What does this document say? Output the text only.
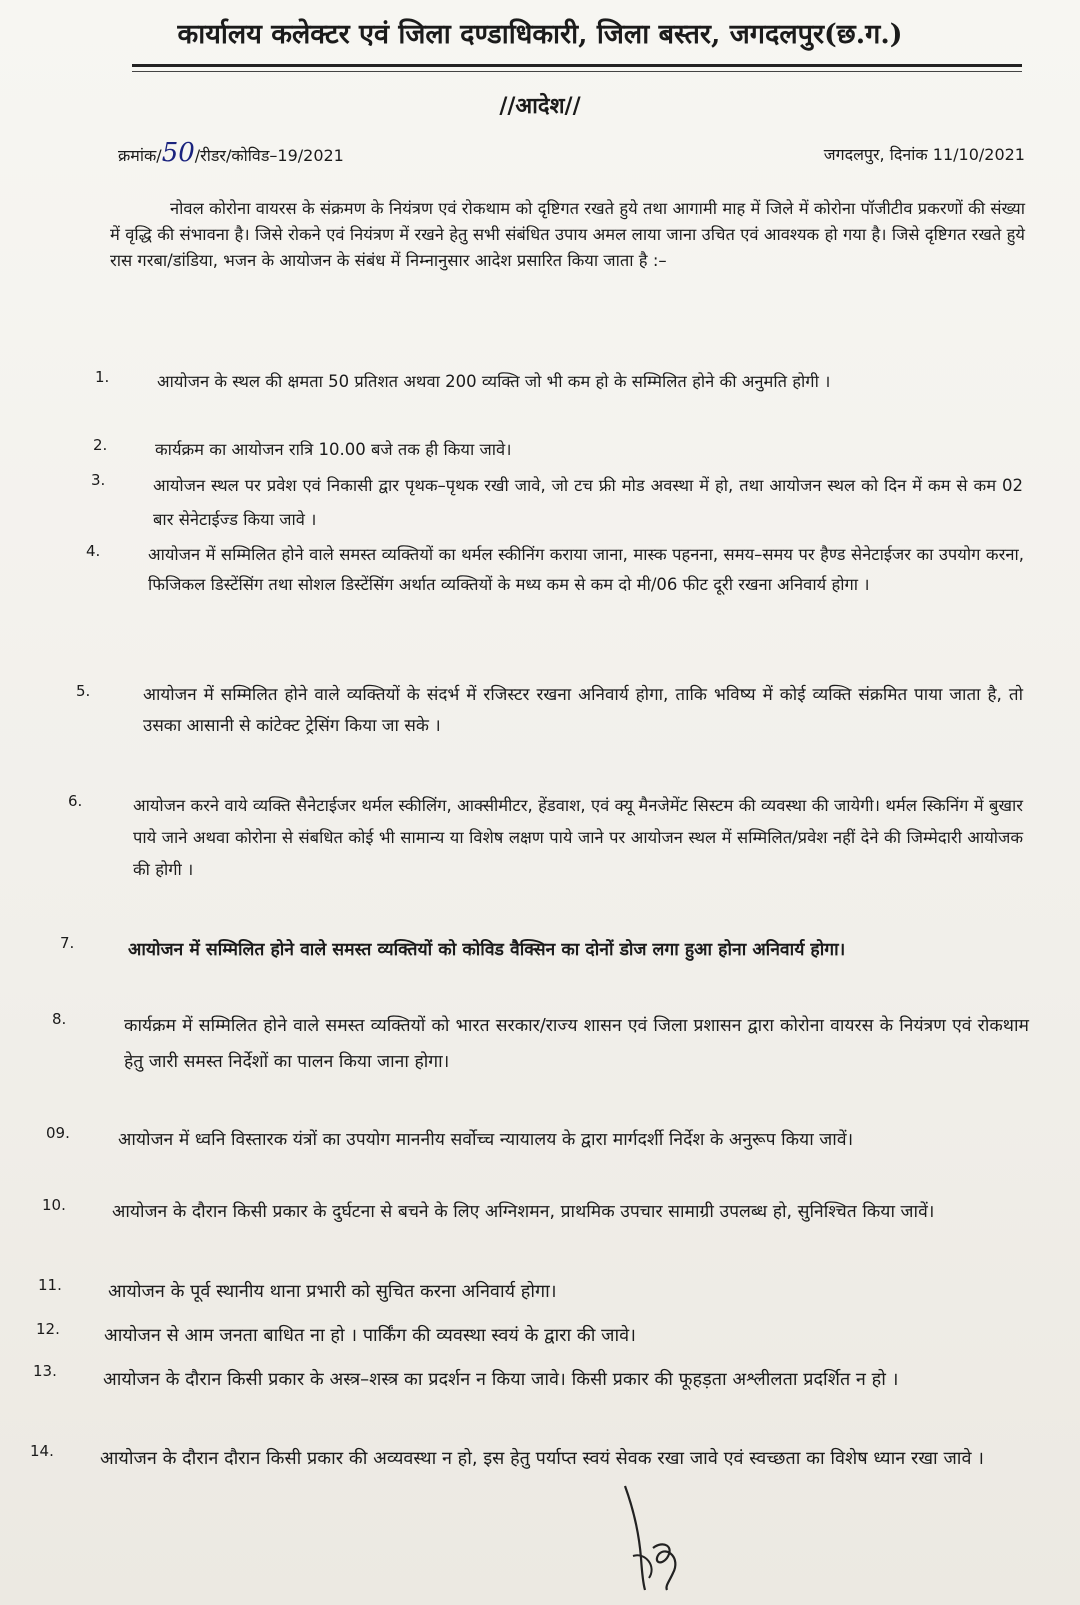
कार्यालय कलेक्टर एवं जिला दण्डाधिकारी, जिला बस्तर, जगदलपुर(छ.ग.)
//आदेश//
क्रमांक/50/रीडर/कोविड–19/2021	जगदलपुर, दिनांक 11/10/2021
नोवल कोरोना वायरस के संक्रमण के नियंत्रण एवं रोकथाम को दृष्टिगत रखते हुये तथा आगामी माह में जिले में कोरोना पॉजीटीव प्रकरणों की संख्या में वृद्धि की संभावना है। जिसे रोकने एवं नियंत्रण में रखने हेतु सभी संबंधित उपाय अमल लाया जाना उचित एवं आवश्यक हो गया है। जिसे दृष्टिगत रखते हुये रास गरबा/डांडिया, भजन के आयोजन के संबंध में निम्नानुसार आदेश प्रसारित किया जाता है :–
1.	आयोजन के स्थल की क्षमता 50 प्रतिशत अथवा 200 व्यक्ति जो भी कम हो के सम्मिलित होने की अनुमति होगी ।
2.	कार्यक्रम का आयोजन रात्रि 10.00 बजे तक ही किया जावे।
3.	आयोजन स्थल पर प्रवेश एवं निकासी द्वार पृथक–पृथक रखी जावे, जो टच फ्री मोड अवस्था में हो, तथा आयोजन स्थल को दिन में कम से कम 02 बार सेनेटाईज्ड किया जावे ।
4.	आयोजन में सम्मिलित होने वाले समस्त व्यक्तियों का थर्मल स्कीनिंग कराया जाना, मास्क पहनना, समय–समय पर हैण्ड सेनेटाईजर का उपयोग करना, फिजिकल डिस्टेंसिंग तथा सोशल डिस्टेंसिंग अर्थात व्यक्तियों के मध्य कम से कम दो मी/06 फीट दूरी रखना अनिवार्य होगा ।
5.	आयोजन में सम्मिलित होने वाले व्यक्तियों के संदर्भ में रजिस्टर रखना अनिवार्य होगा, ताकि भविष्य में कोई व्यक्ति संक्रमित पाया जाता है, तो उसका आसानी से कांटेक्ट ट्रेसिंग किया जा सके ।
6.	आयोजन करने वाये व्यक्ति सैनेटाईजर थर्मल स्कीलिंग, आक्सीमीटर, हेंडवाश, एवं क्यू मैनजेमेंट सिस्टम की व्यवस्था की जायेगी। थर्मल स्किनिंग में बुखार पाये जाने अथवा कोरोना से संबधित कोई भी सामान्य या विशेष लक्षण पाये जाने पर आयोजन स्थल में सम्मिलित/प्रवेश नहीं देने की जिम्मेदारी आयोजक की होगी ।
7.	आयोजन में सम्मिलित होने वाले समस्त व्यक्तियों को कोविड वैक्सिन का दोनों डोज लगा हुआ होना अनिवार्य होगा।
8.	कार्यक्रम में सम्मिलित होने वाले समस्त व्यक्तियों को भारत सरकार/राज्य शासन एवं जिला प्रशासन द्वारा कोरोना वायरस के नियंत्रण एवं रोकथाम हेतु जारी समस्त निर्देशों का पालन किया जाना होगा।
09.	आयोजन में ध्वनि विस्तारक यंत्रों का उपयोग माननीय सर्वोच्च न्यायालय के द्वारा मार्गदर्शी निर्देश के अनुरूप किया जावें।
10.	आयोजन के दौरान किसी प्रकार के दुर्घटना से बचने के लिए अग्निशमन, प्राथमिक उपचार सामाग्री उपलब्ध हो, सुनिश्चित किया जावें।
11.	आयोजन के पूर्व स्थानीय थाना प्रभारी को सुचित करना अनिवार्य होगा।
12. आयोजन से आम जनता बाधित ना हो । पार्किंग की व्यवस्था स्वयं के द्वारा की जावे।
13.	आयोजन के दौरान किसी प्रकार के अस्त्र–शस्त्र का प्रदर्शन न किया जावे। किसी प्रकार की फूहड़ता अश्लीलता प्रदर्शित न हो ।
14.	आयोजन के दौरान दौरान किसी प्रकार की अव्यवस्था न हो, इस हेतु पर्याप्त स्वयं सेवक रखा जावे एवं स्वच्छता का विशेष ध्यान रखा जावे ।
